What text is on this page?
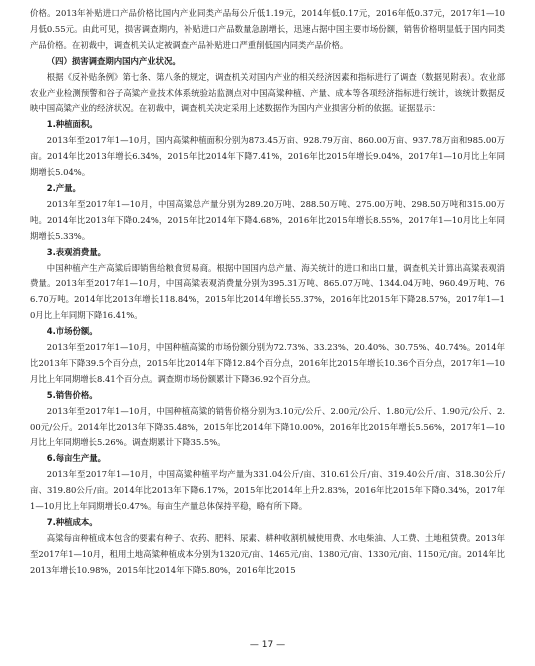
价格。2013年补贴进口产品价格比国内产业同类产品每公斤低1.19元，2014年低0.17元，2016年低0.37元，2017年1—10月低0.55元。由此可见，损害调查期内，补贴进口产品数量急剧增长，迅速占据中国主要市场份额，销售价格明显低于国内同类产品价格。在初裁中，调查机关认定被调查产品补贴进口严重削低国内同类产品价格。

（四）损害调查期内国内产业状况。

根据《反补贴条例》第七条、第八条的规定，调查机关对国内产业的相关经济因素和指标进行了调查（数据见附表）。农业部农业产业检测预警和谷子高粱产业技术体系统验站监测点对中国高粱种植、产量、成本等各项经济指标进行统计，该统计数据反映中国高粱产业的经济状况。在初裁中，调查机关决定采用上述数据作为国内产业损害分析的依据。证据显示：

1.种植面积。

2013年至2017年1—10月，国内高粱种植面积分别为873.45万亩、928.79万亩、860.00万亩、937.78万亩和985.00万亩。2014年比2013年增长6.34%，2015年比2014年下降7.41%，2016年比2015年增长9.04%，2017年1—10月比上年同期增长5.04%。

2.产量。

2013年至2017年1—10月，中国高粱总产量分别为289.20万吨、288.50万吨、275.00万吨、298.50万吨和315.00万吨。2014年比2013年下降0.24%，2015年比2014年下降4.68%，2016年比2015年增长8.55%，2017年1—10月比上年同期增长5.33%。

3.表观消费量。

中国种植产生产高粱后即销售给粮食贸易商。根据中国国内总产量、海关统计的进口和出口量，调查机关计算出高粱表观消费量。2013年至2017年1—10月，中国高粱表观消费量分别为395.31万吨、865.07万吨、1344.04万吨、960.49万吨、766.70万吨。2014年比2013年增长118.84%，2015年比2014年增长55.37%，2016年比2015年下降28.57%，2017年1—10月比上年同期下降16.41%。

4.市场份额。

2013年至2017年1—10月，中国种植高粱的市场份额分别为72.73%、33.23%、20.40%、30.75%、40.74%。2014年比2013年下降39.5个百分点，2015年比2014年下降12.84个百分点，2016年比2015年增长10.36个百分点，2017年1—10月比上年同期增长8.41个百分点。调查期市场份额累计下降36.92个百分点。

5.销售价格。

2013年至2017年1—10月，中国种植高粱的销售价格分别为3.10元/公斤、2.00元/公斤、1.80元/公斤、1.90元/公斤、2.00元/公斤。2014年比2013年下降35.48%，2015年比2014年下降10.00%，2016年比2015年增长5.56%，2017年1—10月比上年同期增长5.26%。调查期累计下降35.5%。

6.每亩生产量。

2013年至2017年1—10月，中国高粱种植平均产量为331.04公斤/亩、310.61公斤/亩、319.40公斤/亩、318.30公斤/亩、319.80公斤/亩。2014年比2013年下降6.17%，2015年比2014年上升2.83%，2016年比2015年下降0.34%，2017年1—10月比上年同期增长0.47%。每亩生产量总体保持平稳，略有所下降。

7.种植成本。

高粱每亩种植成本包含的要素有种子、农药、肥料、尿素、耕种收割机械使用费、水电柴油、人工费、土地租赁费。2013年至2017年1—10月，租用土地高粱种植成本分别为1320元/亩、1465元/亩、1380元/亩、1330元/亩、1150元/亩。2014年比2013年增长10.98%，2015年比2014年下降5.80%，2016年比2015

— 17 —
